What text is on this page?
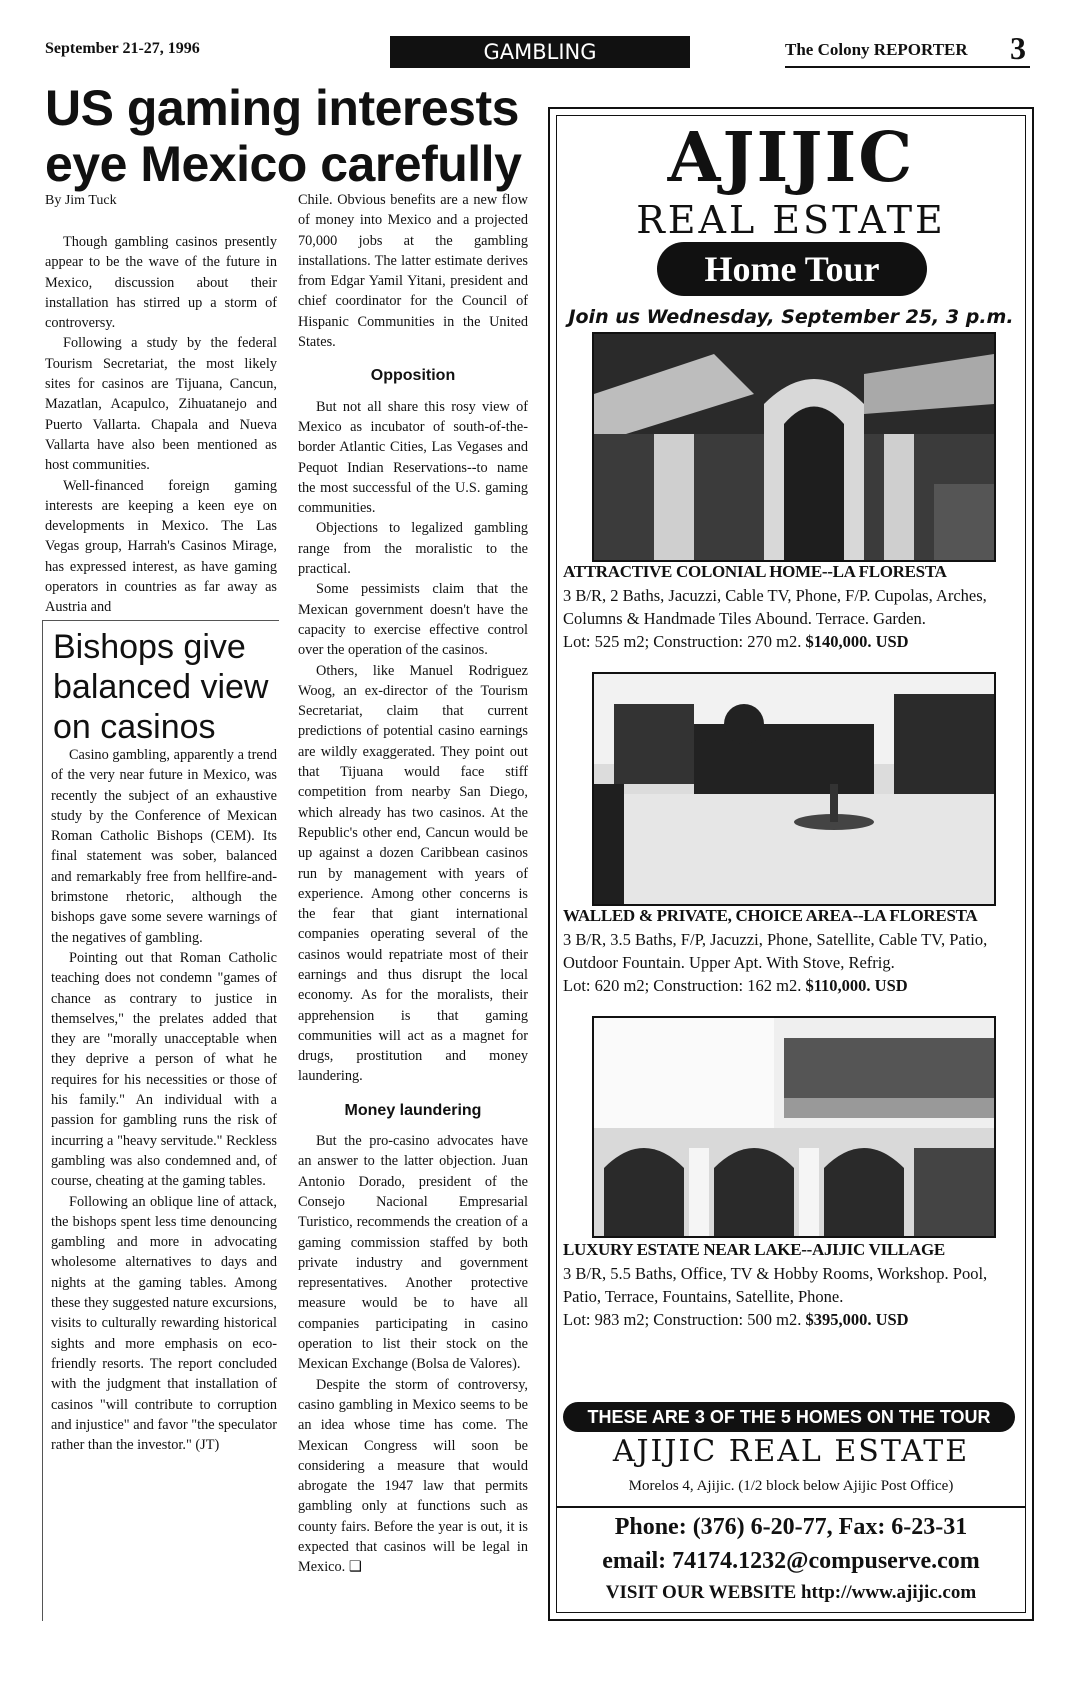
September 21-27, 1996	GAMBLING	The Colony REPORTER 3
US gaming interests eye Mexico carefully
By Jim Tuck

Though gambling casinos presently appear to be the wave of the future in Mexico, discussion about their installation has stirred up a storm of controversy.

Following a study by the federal Tourism Secretariat, the most likely sites for casinos are Tijuana, Cancun, Mazatlan, Acapulco, Zihuatanejo and Puerto Vallarta. Chapala and Nueva Vallarta have also been mentioned as host communities.

Well-financed foreign gaming interests are keeping a keen eye on developments in Mexico. The Las Vegas group, Harrah's Casinos Mirage, has expressed interest, as have gaming operators in countries as far away as Austria and

Bishops give balanced view on casinos

Casino gambling, apparently a trend of the very near future in Mexico, was recently the subject of an exhaustive study by the Conference of Mexican Roman Catholic Bishops (CEM). Its final statement was sober, balanced and remarkably free from hellfire-and-brimstone rhetoric, although the bishops gave some severe warnings of the negatives of gambling.

Pointing out that Roman Catholic teaching does not condemn "games of chance as contrary to justice in themselves," the prelates added that they are "morally unacceptable when they deprive a person of what he requires for his necessities or those of his family." An individual with a passion for gambling runs the risk of incurring a "heavy servitude." Reckless gambling was also condemned and, of course, cheating at the gaming tables.

Following an oblique line of attack, the bishops spent less time denouncing gambling and more in advocating wholesome alternatives to days and nights at the gaming tables. Among these they suggested nature excursions, visits to culturally rewarding historical sights and more emphasis on eco-friendly resorts. The report concluded with the judgment that installation of casinos "will contribute to corruption and injustice" and favor "the speculator rather than the investor." (JT)

Chile. Obvious benefits are a new flow of money into Mexico and a projected 70,000 jobs at the gambling installations. The latter estimate derives from Edgar Yamil Yitani, president and chief coordinator for the Council of Hispanic Communities in the United States.

Opposition

But not all share this rosy view of Mexico as incubator of south-of-the-border Atlantic Cities, Las Vegases and Pequot Indian Reservations--to name the most successful of the U.S. gaming communities.

Objections to legalized gambling range from the moralistic to the practical.

Some pessimists claim that the Mexican government doesn't have the capacity to exercise effective control over the operation of the casinos.

Others, like Manuel Rodriguez Woog, an ex-director of the Tourism Secretariat, claim that current predictions of potential casino earnings are wildly exaggerated. They point out that Tijuana would face stiff competition from nearby San Diego, which already has two casinos. At the Republic's other end, Cancun would be up against a dozen Caribbean casinos run by management with years of experience. Among other concerns is the fear that giant international companies operating several of the casinos would repatriate most of their earnings and thus disrupt the local economy. As for the moralists, their apprehension is that gaming communities will act as a magnet for drugs, prostitution and money laundering.

Money laundering

But the pro-casino advocates have an answer to the latter objection. Juan Antonio Dorado, president of the Consejo Nacional Empresarial Turistico, recommends the creation of a gaming commission staffed by both private industry and government representatives. Another protective measure would be to have all companies participating in casino operation to list their stock on the Mexican Exchange (Bolsa de Valores).

Despite the storm of controversy, casino gambling in Mexico seems to be an idea whose time has come. The Mexican Congress will soon be considering a measure that would abrogate the 1947 law that permits gambling only at functions such as county fairs. Before the year is out, it is expected that casinos will be legal in Mexico. ❑

AJIJIC
REAL ESTATE
Home Tour
Join us Wednesday, September 25, 3 p.m.
ATTRACTIVE COLONIAL HOME--LA FLORESTA
3 B/R, 2 Baths, Jacuzzi, Cable TV, Phone, F/P. Cupolas, Arches, Columns & Handmade Tiles Abound. Terrace. Garden.
Lot: 525 m2; Construction: 270 m2. $140,000. USD
WALLED & PRIVATE, CHOICE AREA--LA FLORESTA
3 B/R, 3.5 Baths, F/P, Jacuzzi, Phone, Satellite, Cable TV, Patio, Outdoor Fountain. Upper Apt. With Stove, Refrig.
Lot: 620 m2; Construction: 162 m2. $110,000. USD
LUXURY ESTATE NEAR LAKE--AJIJIC VILLAGE
3 B/R, 5.5 Baths, Office, TV & Hobby Rooms, Workshop. Pool, Patio, Terrace, Fountains, Satellite, Phone.
Lot: 983 m2; Construction: 500 m2. $395,000. USD
THESE ARE 3 OF THE 5 HOMES ON THE TOUR
AJIJIC REAL ESTATE
Morelos 4, Ajijic. (1/2 block below Ajijic Post Office)
Phone: (376) 6-20-77, Fax: 6-23-31
email: 74174.1232@compuserve.com
VISIT OUR WEBSITE http://www.ajijic.com
